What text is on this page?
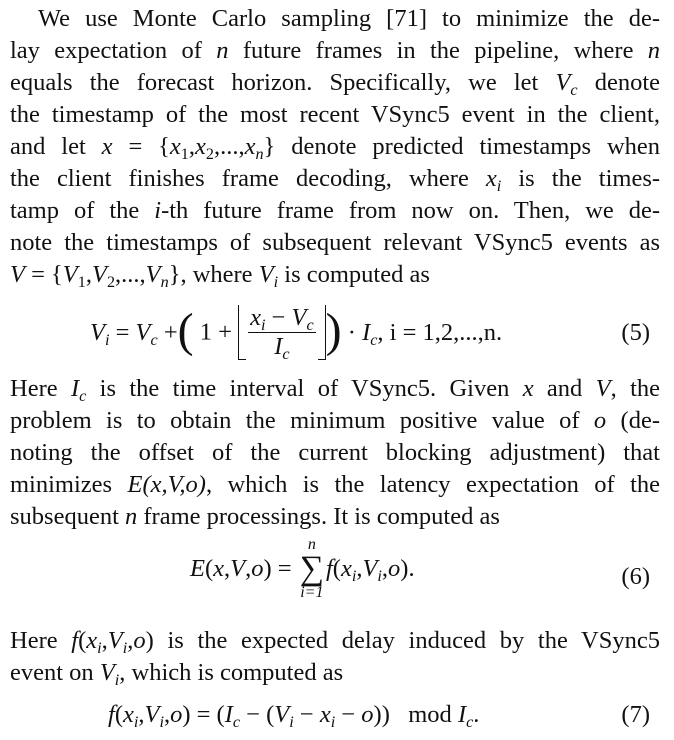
We use Monte Carlo sampling [71] to minimize the de-
lay expectation of n future frames in the pipeline, where n
equals the forecast horizon. Specifically, we let $V_c$ denote
the timestamp of the most recent VSync5 event in the client,
and let $x = \{x_1,x_2,...,x_n\}$ denote predicted timestamps when
the client finishes frame decoding, where $x_i$ is the times-
tamp of the i-th future frame from now on. Then, we de-
note the timestamps of subsequent relevant VSync5 events as
$V = \{V_1,V_2,...,V_n\}$, where $V_i$ is computed as
$V_i = V_c$ +( $1 + \frac{x_i - V_c}{I_c}$ ) · $I_c$, i = 1,2,...,n.	(5)
Here $I_c$ is the time interval of VSync5. Given x and V, the
problem is to obtain the minimum positive value of o (de-
noting the offset of the current blocking adjustment) that
minimizes E(x,V,o), which is the latency expectation of the
subsequent n frame processings. It is computed as
E(x,V,o) =
n
∑
i=1
$f(x_i,V_i,o)$.	(6)
Here $f(x_i,V_i,o)$ is the expected delay induced by the VSync5
event on $V_i$, which is computed as
$f(x_i,V_i,o) = (I_c - (V_i - x_i - o))$   mod $I_c$.	(7)
